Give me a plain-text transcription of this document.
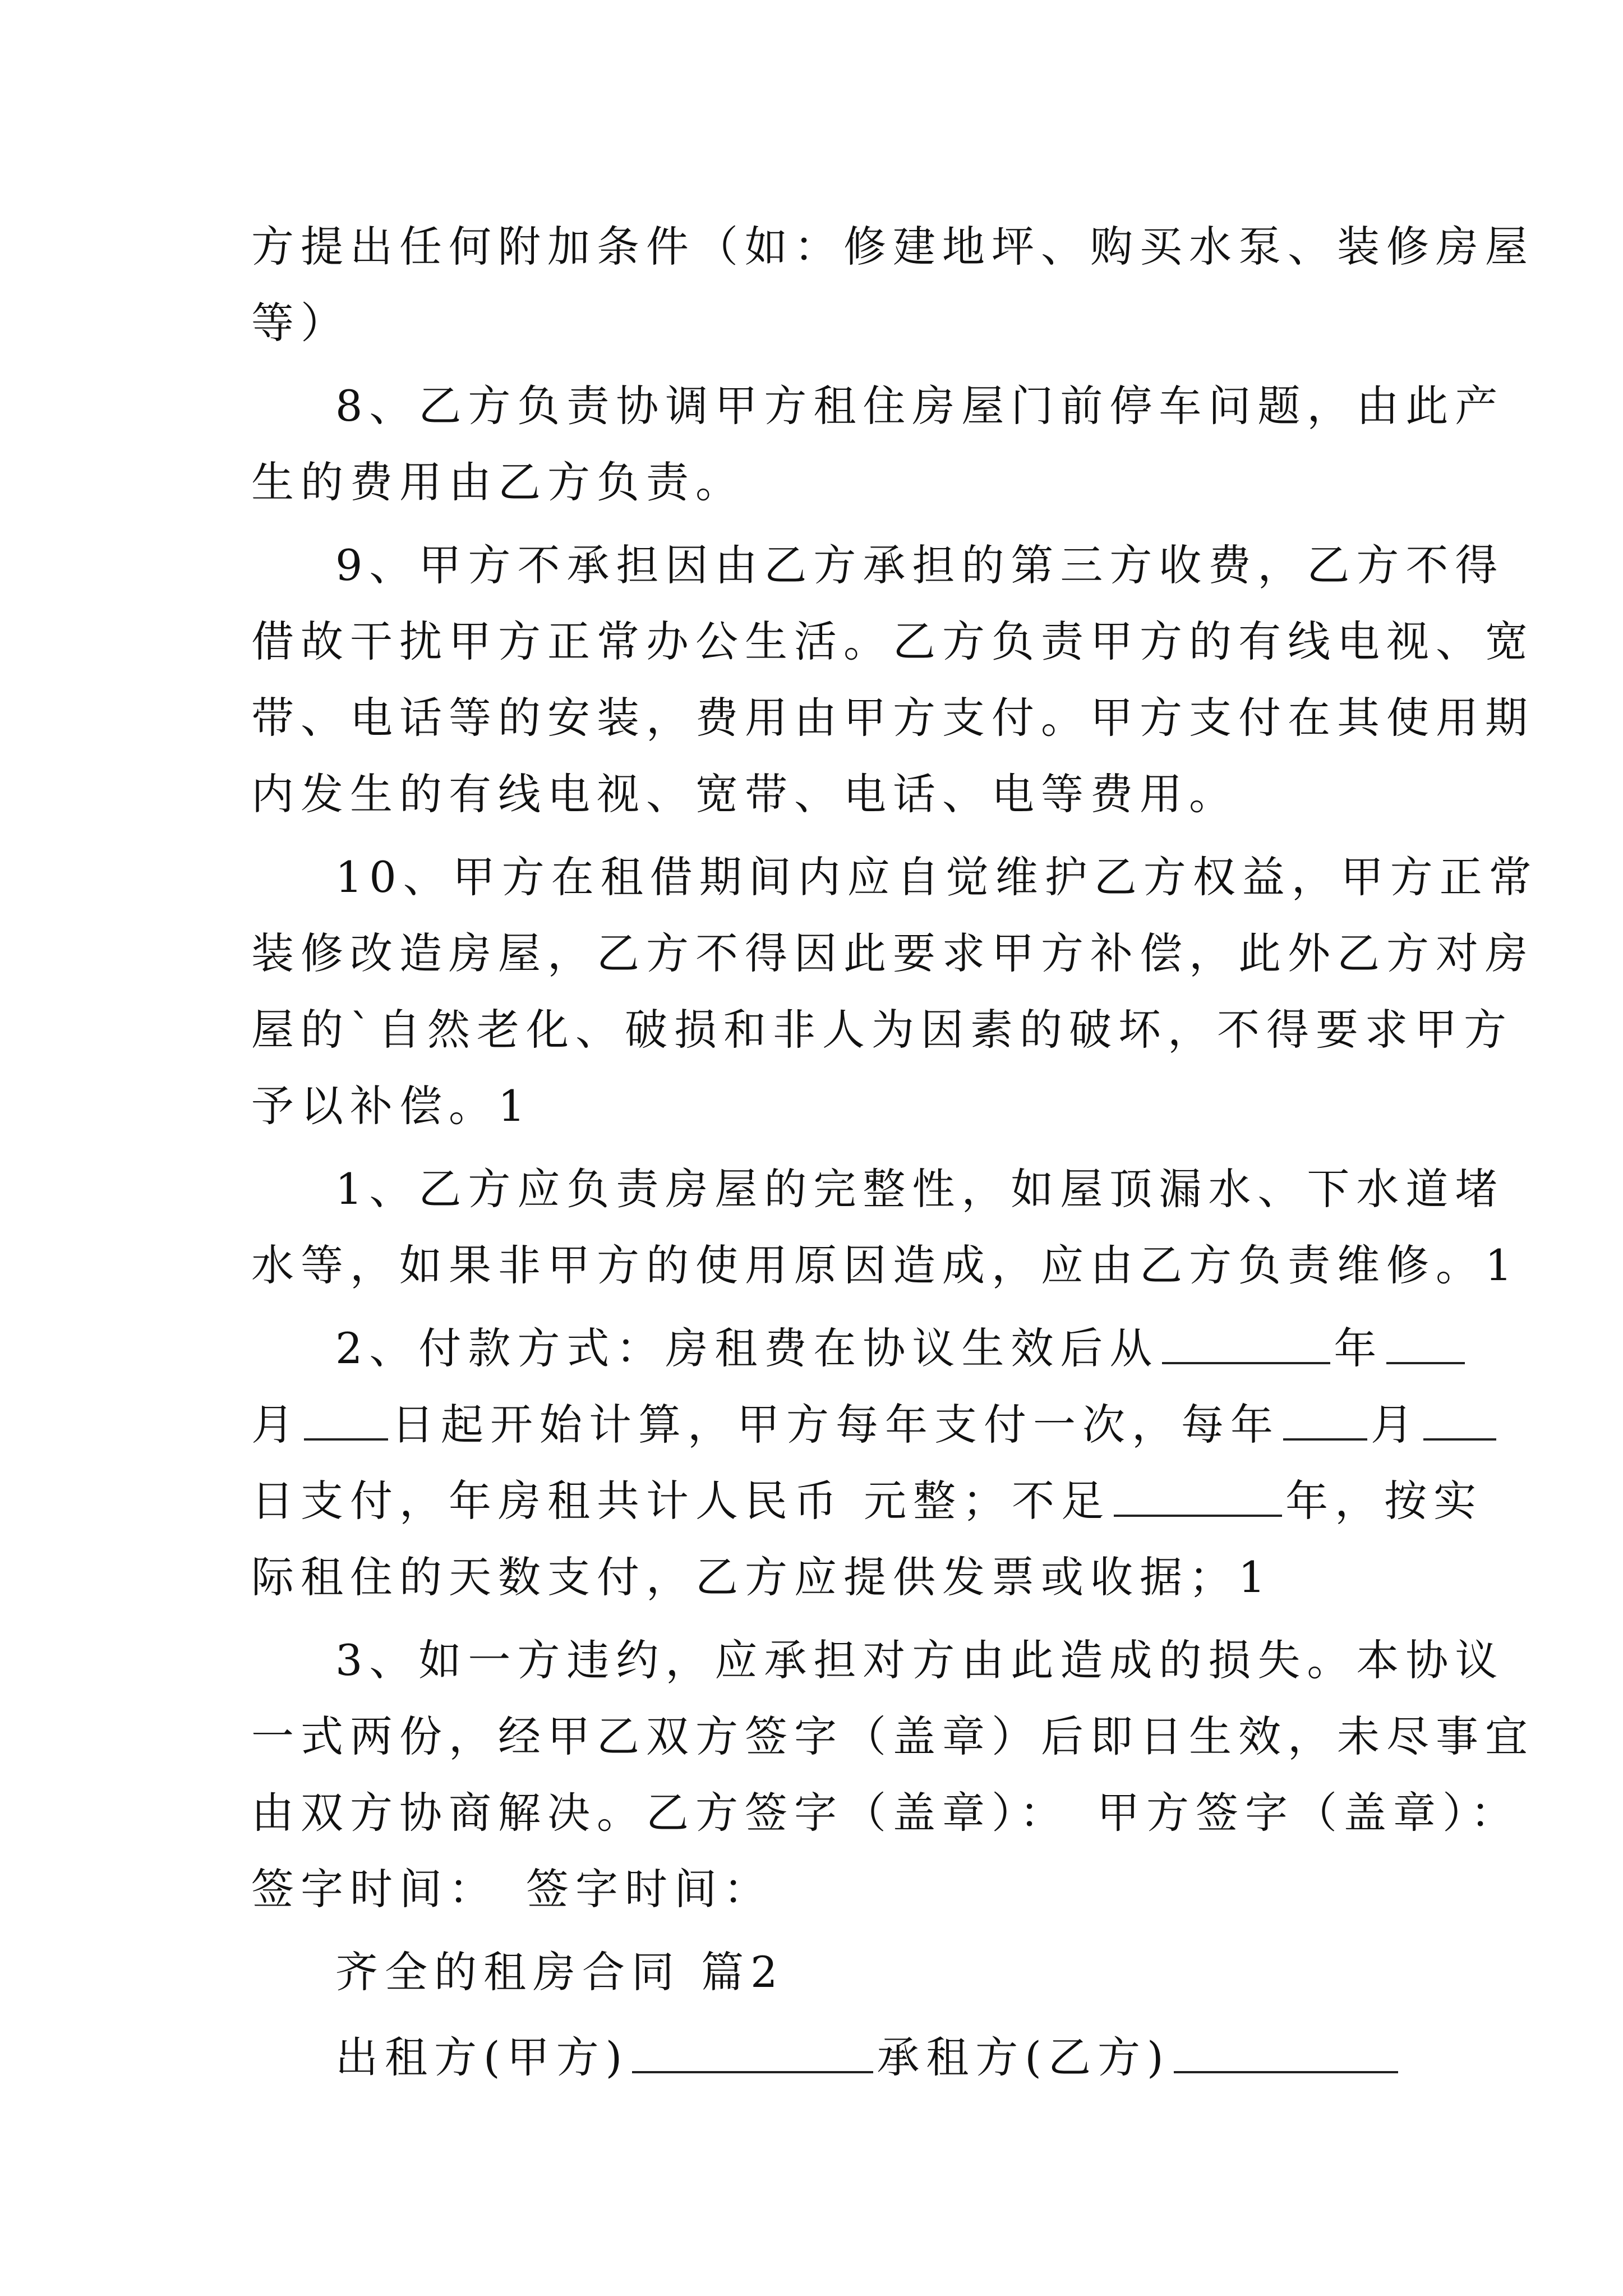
方提出任何附加条件（如：修建地坪、购买水泵、装修房屋
等）
8、乙方负责协调甲方租住房屋门前停车问题，由此产
生的费用由乙方负责。
9、甲方不承担因由乙方承担的第三方收费，乙方不得
借故干扰甲方正常办公生活。乙方负责甲方的有线电视、宽
带、电话等的安装，费用由甲方支付。甲方支付在其使用期
内发生的有线电视、宽带、电话、电等费用。
10、甲方在租借期间内应自觉维护乙方权益，甲方正常
装修改造房屋，乙方不得因此要求甲方补偿，此外乙方对房
屋的`自然老化、破损和非人为因素的破坏，不得要求甲方
予以补偿。1
1、乙方应负责房屋的完整性，如屋顶漏水、下水道堵
水等，如果非甲方的使用原因造成，应由乙方负责维修。1
2、付款方式：房租费在协议生效后从	年
月 日起开始计算，甲方每年支付一次，每年 月
日支付，年房租共计人民币 元整；不足	年，按实
际租住的天数支付，乙方应提供发票或收据；1
3、如一方违约，应承担对方由此造成的损失。本协议
一式两份，经甲乙双方签字（盖章）后即日生效，未尽事宜
由双方协商解决。乙方签字（盖章）：　甲方签字（盖章）：
签字时间：　签字时间：
齐全的租房合同 篇2
出租方(甲方)	承租方(乙方)
